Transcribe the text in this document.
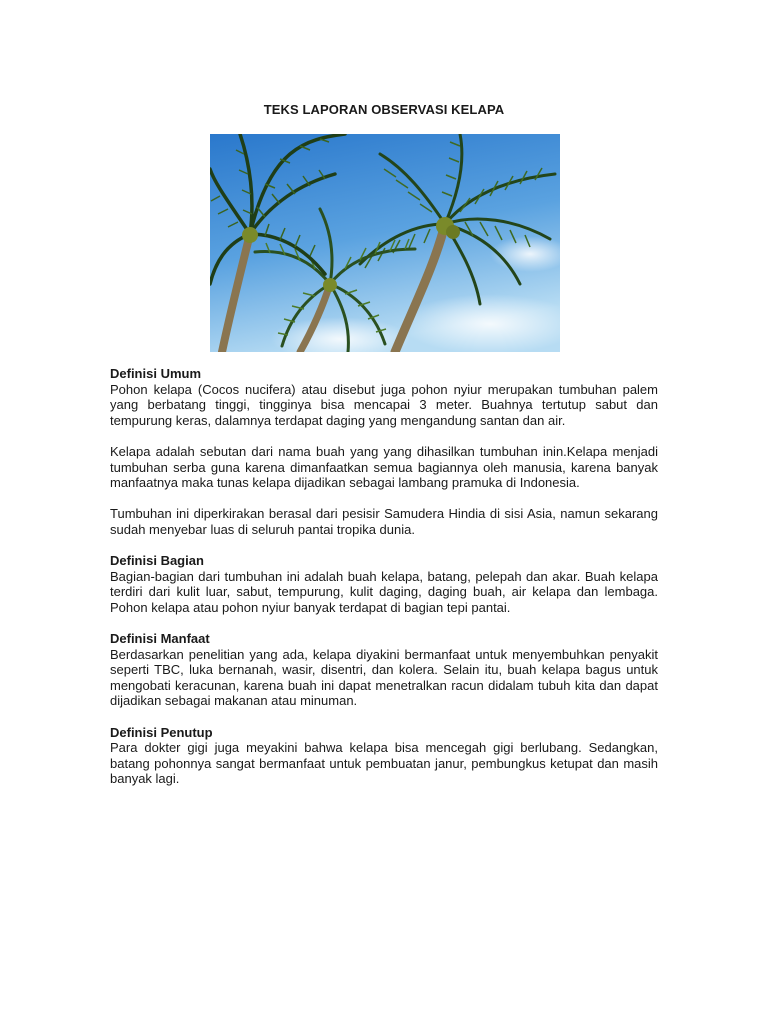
TEKS LAPORAN OBSERVASI KELAPA
Definisi Umum
Pohon kelapa (Cocos nucifera) atau disebut juga pohon nyiur merupakan tumbuhan palem yang berbatang tinggi, tingginya bisa mencapai 3 meter. Buahnya tertutup sabut dan tempurung keras, dalamnya terdapat daging yang mengandung santan dan air.
Kelapa adalah sebutan dari nama buah yang yang dihasilkan tumbuhan inin.Kelapa menjadi tumbuhan serba guna karena dimanfaatkan semua bagiannya oleh manusia, karena banyak manfaatnya maka tunas kelapa dijadikan sebagai lambang pramuka di Indonesia.
Tumbuhan ini diperkirakan berasal dari pesisir Samudera Hindia di sisi Asia, namun sekarang sudah menyebar luas di seluruh pantai tropika dunia.
Definisi Bagian
Bagian-bagian dari tumbuhan ini adalah buah kelapa, batang, pelepah dan akar. Buah kelapa terdiri dari kulit luar, sabut, tempurung, kulit daging, daging buah, air kelapa dan lembaga. Pohon kelapa atau pohon nyiur banyak terdapat di bagian tepi pantai.
Definisi Manfaat
Berdasarkan penelitian yang ada, kelapa diyakini bermanfaat untuk menyembuhkan penyakit seperti TBC, luka bernanah, wasir, disentri, dan kolera. Selain itu, buah kelapa bagus untuk mengobati keracunan, karena buah ini dapat menetralkan racun didalam tubuh kita dan dapat dijadikan sebagai makanan atau minuman.
Definisi Penutup
Para dokter gigi juga meyakini bahwa kelapa bisa mencegah gigi berlubang. Sedangkan, batang pohonnya sangat bermanfaat untuk pembuatan janur, pembungkus ketupat dan masih banyak lagi.
